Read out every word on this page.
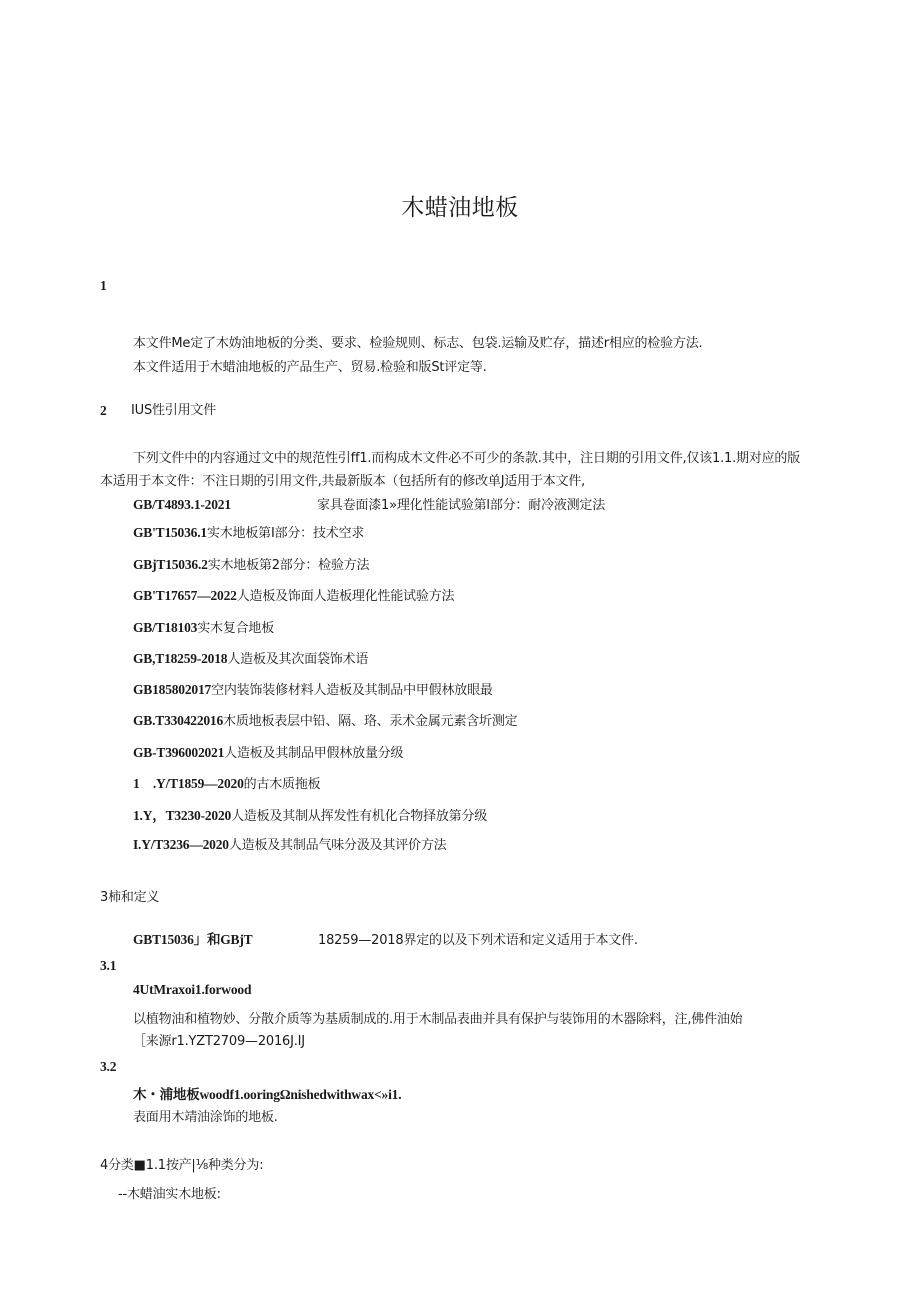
木蜡油地板
1
本文件Me定了木妫油地板的分类、要求、检验规则、标志、包袋.运输及贮存，描述r相应的检验方法.
本文件适用于木蜡油地板的产品生产、贸易.检验和版St评定等.
2 IUS性引用文件
下列文件中的内容通过文中的规范性引ff1.而构成木文件必不可少的条款.其中，注日期的引用文件,仅该1.1.期对应的版
本适用于本文件：不注日期的引用文件,共最新版本（包括所有的修改单J适用于本文件,
GB/T4893.1-2021	家具卷面漆1»理化性能试验第l部分：耐冷液测定法
GB'T15036.1实木地板第I部分：技术空求
GBjT15036.2实木地板第2部分：检验方法
GB'T17657—2022人造板及饰面人造板理化性能试验方法
GB/T18103实木复合地板
GB,T18259-2018人造板及其次面袋饰术语
GB185802017空内装饰装修材料人造板及其制品中甲假林放眼最
GB.T330422016木质地板表层中铅、隔、珞、汞术金属元素含圻测定
GB-T396002021人造板及其制品甲假林放量分级
1　.Y/T1859—2020的古木质拖板
1.Y，T3230-2020人造板及其制从挥发性有机化合物择放第分级
I.Y/T3236—2020人造板及其制品气味分汲及其评价方法
3柿和定义
GBT15036」和GBjT	18259—2018界定的以及下列术语和定义适用于本文件.
3.1
4UtMraxoi1.forwood
以植物油和植物妙、分散介质等为基质制成的.用于木制品表曲并具有保护与装饰用的木器除料，注,佛件油始
［来源r1.YZT2709—2016J.IJ
3.2
木・浦地板woodf1.ooringΩnishedwithwax<»i1.
表面用木靖油涂饰的地板.
4分类■1.1按产|⅛种类分为:
--木蜡油实木地板:
